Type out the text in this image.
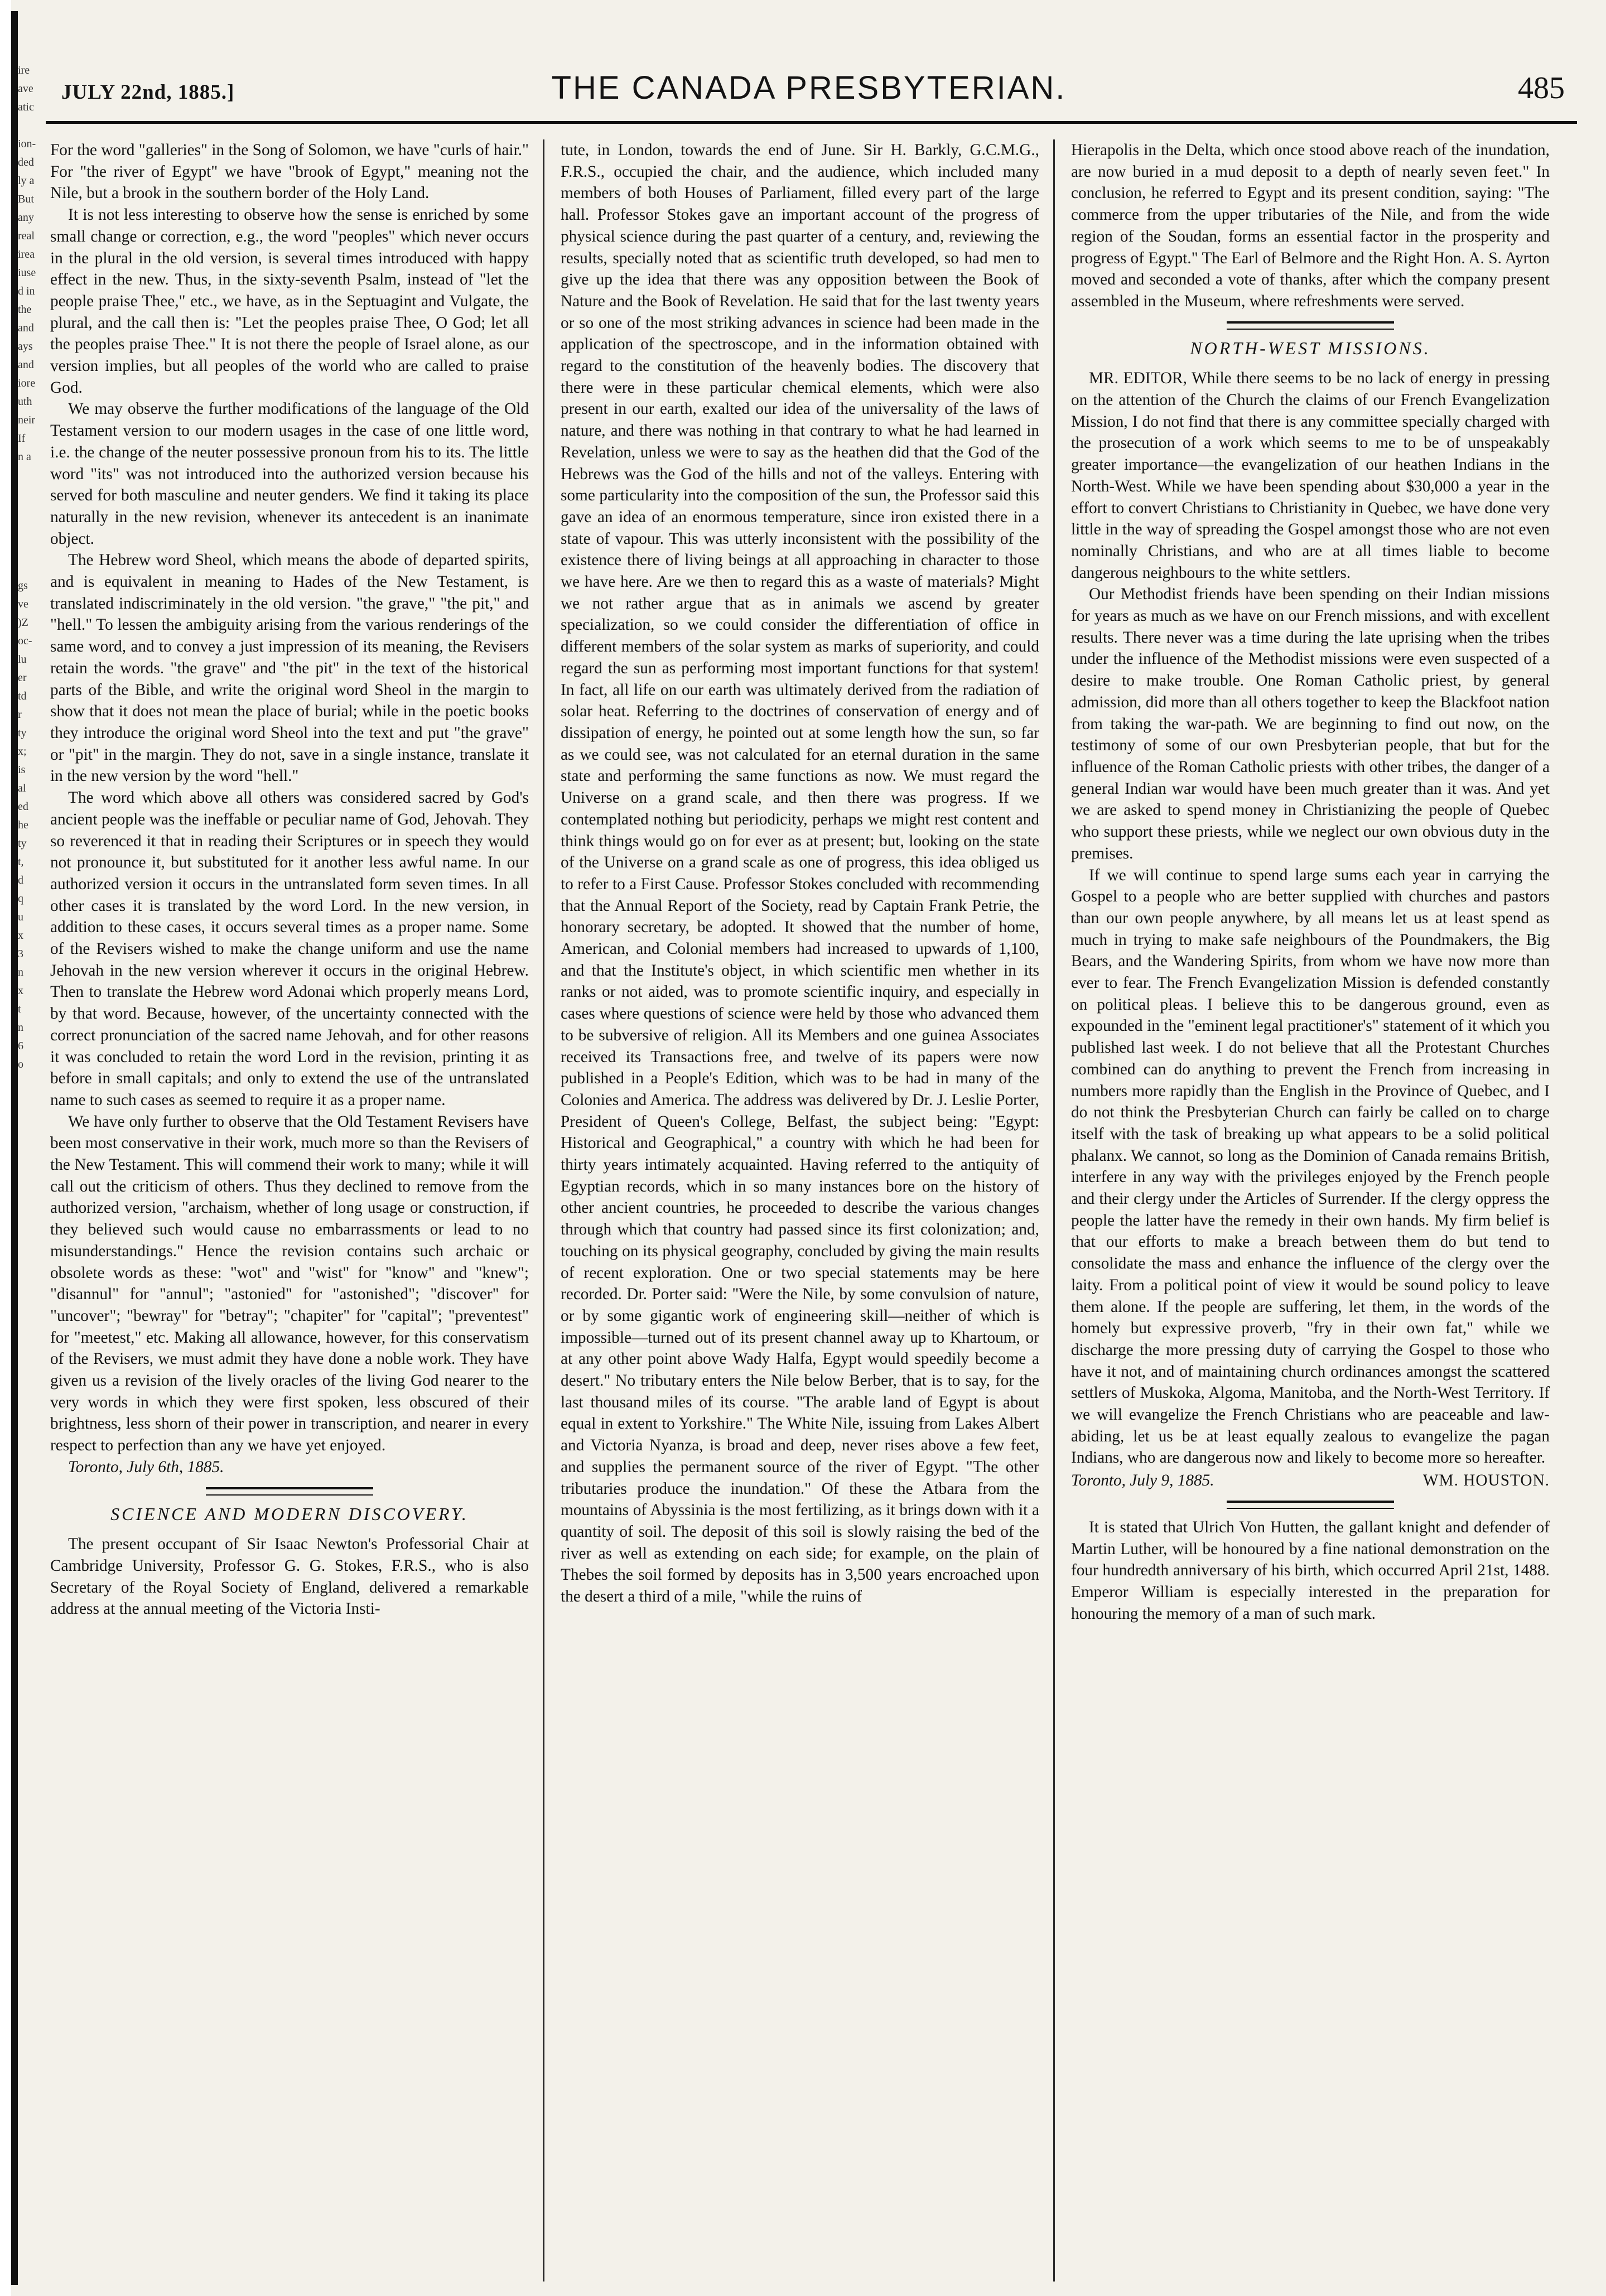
ire
ave
atic

ion-
ded
ly a
But
any
real
irea
iuse
d in
the
and
ays
and
iore
uth
neir
If
n a

gs
ve
)Z
oc-
lu
er
td
r
ty
x;
is
al
ed
he
ty
t,
d
q
u
x
3
n
x
t
n
6
o
JULY 22nd, 1885.]	THE CANADA PRESBYTERIAN.	485

For the word "galleries" in the Song of Solomon, we have "curls of hair." For "the river of Egypt" we have "brook of Egypt," meaning not the Nile, but a brook in the southern border of the Holy Land.

It is not less interesting to observe how the sense is enriched by some small change or correction, e.g., the word "peoples" which never occurs in the plural in the old version, is several times introduced with happy effect in the new. Thus, in the sixty-seventh Psalm, instead of "let the people praise Thee," etc., we have, as in the Septuagint and Vulgate, the plural, and the call then is: "Let the peoples praise Thee, O God; let all the peoples praise Thee." It is not there the people of Israel alone, as our version implies, but all peoples of the world who are called to praise God.

We may observe the further modifications of the language of the Old Testament version to our modern usages in the case of one little word, i.e. the change of the neuter possessive pronoun from his to its. The little word "its" was not introduced into the authorized version because his served for both masculine and neuter genders. We find it taking its place naturally in the new revision, whenever its antecedent is an inanimate object.

The Hebrew word Sheol, which means the abode of departed spirits, and is equivalent in meaning to Hades of the New Testament, is translated indiscriminately in the old version. "the grave," "the pit," and "hell." To lessen the ambiguity arising from the various renderings of the same word, and to convey a just impression of its meaning, the Revisers retain the words. "the grave" and "the pit" in the text of the historical parts of the Bible, and write the original word Sheol in the margin to show that it does not mean the place of burial; while in the poetic books they introduce the original word Sheol into the text and put "the grave" or "pit" in the margin. They do not, save in a single instance, translate it in the new version by the word "hell."

The word which above all others was considered sacred by God's ancient people was the ineffable or peculiar name of God, Jehovah. They so reverenced it that in reading their Scriptures or in speech they would not pronounce it, but substituted for it another less awful name. In our authorized version it occurs in the untranslated form seven times. In all other cases it is translated by the word Lord. In the new version, in addition to these cases, it occurs several times as a proper name. Some of the Revisers wished to make the change uniform and use the name Jehovah in the new version wherever it occurs in the original Hebrew. Then to translate the Hebrew word Adonai which properly means Lord, by that word. Because, however, of the uncertainty connected with the correct pronunciation of the sacred name Jehovah, and for other reasons it was concluded to retain the word Lord in the revision, printing it as before in small capitals; and only to extend the use of the untranslated name to such cases as seemed to require it as a proper name.

We have only further to observe that the Old Testament Revisers have been most conservative in their work, much more so than the Revisers of the New Testament. This will commend their work to many; while it will call out the criticism of others. Thus they declined to remove from the authorized version, "archaism, whether of long usage or construction, if they believed such would cause no embarrassments or lead to no misunderstandings." Hence the revision contains such archaic or obsolete words as these: "wot" and "wist" for "know" and "knew"; "disannul" for "annul"; "astonied" for "astonished"; "discover" for "uncover"; "bewray" for "betray"; "chapiter" for "capital"; "preventest" for "meetest," etc. Making all allowance, however, for this conservatism of the Revisers, we must admit they have done a noble work. They have given us a revision of the lively oracles of the living God nearer to the very words in which they were first spoken, less obscured of their brightness, less shorn of their power in transcription, and nearer in every respect to perfection than any we have yet enjoyed.

Toronto, July 6th, 1885.

SCIENCE AND MODERN DISCOVERY.

The present occupant of Sir Isaac Newton's Professorial Chair at Cambridge University, Professor G. G. Stokes, F.R.S., who is also Secretary of the Royal Society of England, delivered a remarkable address at the annual meeting of the Victoria Insti-

tute, in London, towards the end of June. Sir H. Barkly, G.C.M.G., F.R.S., occupied the chair, and the audience, which included many members of both Houses of Parliament, filled every part of the large hall. Professor Stokes gave an important account of the progress of physical science during the past quarter of a century, and, reviewing the results, specially noted that as scientific truth developed, so had men to give up the idea that there was any opposition between the Book of Nature and the Book of Revelation. He said that for the last twenty years or so one of the most striking advances in science had been made in the application of the spectroscope, and in the information obtained with regard to the constitution of the heavenly bodies. The discovery that there were in these particular chemical elements, which were also present in our earth, exalted our idea of the universality of the laws of nature, and there was nothing in that contrary to what he had learned in Revelation, unless we were to say as the heathen did that the God of the Hebrews was the God of the hills and not of the valleys. Entering with some particularity into the composition of the sun, the Professor said this gave an idea of an enormous temperature, since iron existed there in a state of vapour. This was utterly inconsistent with the possibility of the existence there of living beings at all approaching in character to those we have here. Are we then to regard this as a waste of materials? Might we not rather argue that as in animals we ascend by greater specialization, so we could consider the differentiation of office in different members of the solar system as marks of superiority, and could regard the sun as performing most important functions for that system! In fact, all life on our earth was ultimately derived from the radiation of solar heat. Referring to the doctrines of conservation of energy and of dissipation of energy, he pointed out at some length how the sun, so far as we could see, was not calculated for an eternal duration in the same state and performing the same functions as now. We must regard the Universe on a grand scale, and then there was progress. If we contemplated nothing but periodicity, perhaps we might rest content and think things would go on for ever as at present; but, looking on the state of the Universe on a grand scale as one of progress, this idea obliged us to refer to a First Cause. Professor Stokes concluded with recommending that the Annual Report of the Society, read by Captain Frank Petrie, the honorary secretary, be adopted. It showed that the number of home, American, and Colonial members had increased to upwards of 1,100, and that the Institute's object, in which scientific men whether in its ranks or not aided, was to promote scientific inquiry, and especially in cases where questions of science were held by those who advanced them to be subversive of religion. All its Members and one guinea Associates received its Transactions free, and twelve of its papers were now published in a People's Edition, which was to be had in many of the Colonies and America. The address was delivered by Dr. J. Leslie Porter, President of Queen's College, Belfast, the subject being: "Egypt: Historical and Geographical," a country with which he had been for thirty years intimately acquainted. Having referred to the antiquity of Egyptian records, which in so many instances bore on the history of other ancient countries, he proceeded to describe the various changes through which that country had passed since its first colonization; and, touching on its physical geography, concluded by giving the main results of recent exploration. One or two special statements may be here recorded. Dr. Porter said: "Were the Nile, by some convulsion of nature, or by some gigantic work of engineering skill—neither of which is impossible—turned out of its present channel away up to Khartoum, or at any other point above Wady Halfa, Egypt would speedily become a desert." No tributary enters the Nile below Berber, that is to say, for the last thousand miles of its course. "The arable land of Egypt is about equal in extent to Yorkshire." The White Nile, issuing from Lakes Albert and Victoria Nyanza, is broad and deep, never rises above a few feet, and supplies the permanent source of the river of Egypt. "The other tributaries produce the inundation." Of these the Atbara from the mountains of Abyssinia is the most fertilizing, as it brings down with it a quantity of soil. The deposit of this soil is slowly raising the bed of the river as well as extending on each side; for example, on the plain of Thebes the soil formed by deposits has in 3,500 years encroached upon the desert a third of a mile, "while the ruins of

Hierapolis in the Delta, which once stood above reach of the inundation, are now buried in a mud deposit to a depth of nearly seven feet." In conclusion, he referred to Egypt and its present condition, saying: "The commerce from the upper tributaries of the Nile, and from the wide region of the Soudan, forms an essential factor in the prosperity and progress of Egypt." The Earl of Belmore and the Right Hon. A. S. Ayrton moved and seconded a vote of thanks, after which the company present assembled in the Museum, where refreshments were served.

NORTH-WEST MISSIONS.

MR. EDITOR, While there seems to be no lack of energy in pressing on the attention of the Church the claims of our French Evangelization Mission, I do not find that there is any committee specially charged with the prosecution of a work which seems to me to be of unspeakably greater importance—the evangelization of our heathen Indians in the North-West. While we have been spending about $30,000 a year in the effort to convert Christians to Christianity in Quebec, we have done very little in the way of spreading the Gospel amongst those who are not even nominally Christians, and who are at all times liable to become dangerous neighbours to the white settlers.

Our Methodist friends have been spending on their Indian missions for years as much as we have on our French missions, and with excellent results. There never was a time during the late uprising when the tribes under the influence of the Methodist missions were even suspected of a desire to make trouble. One Roman Catholic priest, by general admission, did more than all others together to keep the Blackfoot nation from taking the war-path. We are beginning to find out now, on the testimony of some of our own Presbyterian people, that but for the influence of the Roman Catholic priests with other tribes, the danger of a general Indian war would have been much greater than it was. And yet we are asked to spend money in Christianizing the people of Quebec who support these priests, while we neglect our own obvious duty in the premises.

If we will continue to spend large sums each year in carrying the Gospel to a people who are better supplied with churches and pastors than our own people anywhere, by all means let us at least spend as much in trying to make safe neighbours of the Poundmakers, the Big Bears, and the Wandering Spirits, from whom we have now more than ever to fear. The French Evangelization Mission is defended constantly on political pleas. I believe this to be dangerous ground, even as expounded in the "eminent legal practitioner's" statement of it which you published last week. I do not believe that all the Protestant Churches combined can do anything to prevent the French from increasing in numbers more rapidly than the English in the Province of Quebec, and I do not think the Presbyterian Church can fairly be called on to charge itself with the task of breaking up what appears to be a solid political phalanx. We cannot, so long as the Dominion of Canada remains British, interfere in any way with the privileges enjoyed by the French people and their clergy under the Articles of Surrender. If the clergy oppress the people the latter have the remedy in their own hands. My firm belief is that our efforts to make a breach between them do but tend to consolidate the mass and enhance the influence of the clergy over the laity. From a political point of view it would be sound policy to leave them alone. If the people are suffering, let them, in the words of the homely but expressive proverb, "fry in their own fat," while we discharge the more pressing duty of carrying the Gospel to those who have it not, and of maintaining church ordinances amongst the scattered settlers of Muskoka, Algoma, Manitoba, and the North-West Territory. If we will evangelize the French Christians who are peaceable and law-abiding, let us be at least equally zealous to evangelize the pagan Indians, who are dangerous now and likely to become more so hereafter.

Toronto, July 9, 1885.	WM. HOUSTON.

It is stated that Ulrich Von Hutten, the gallant knight and defender of Martin Luther, will be honoured by a fine national demonstration on the four hundredth anniversary of his birth, which occurred April 21st, 1488. Emperor William is especially interested in the preparation for honouring the memory of a man of such mark.
